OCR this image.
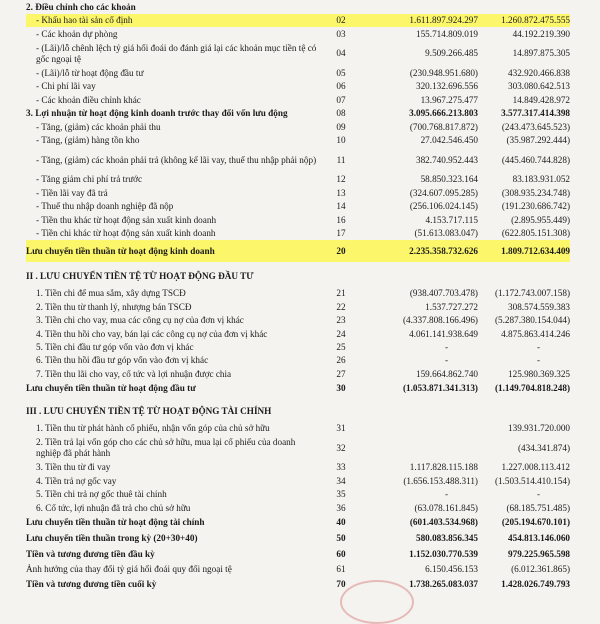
2. Điều chỉnh cho các khoản			
- Khấu hao tài sản cố định	02	1.611.897.924.297	1.260.872.475.555
- Các khoản dự phòng	03	155.714.809.019	44.192.219.390
- (Lãi)/lỗ chênh lệch tỷ giá hối đoái do đánh giá lại các khoản mục tiền tệ có gốc ngoại tệ	04	9.509.266.485	14.897.875.305
- (Lãi)/lỗ từ hoạt động đầu tư	05	(230.948.951.680)	432.920.466.838
- Chi phí lãi vay	06	320.132.696.556	303.080.642.513
- Các khoản điều chỉnh khác	07	13.967.275.477	14.849.428.972
3. Lợi nhuận từ hoạt động kinh doanh trước thay đổi vốn lưu động	08	3.095.666.213.803	3.577.317.414.398
- Tăng, (giảm) các khoản phải thu	09	(700.768.817.872)	(243.473.645.523)
- Tăng, (giảm) hàng tồn kho	10	27.042.546.450	(35.987.292.444)
- Tăng, (giảm) các khoản phải trả (không kể lãi vay, thuế thu nhập phải nộp)	11	382.740.952.443	(445.460.744.828)
- Tăng giảm chi phí trả trước	12	58.850.323.164	83.183.931.052
- Tiền lãi vay đã trả	13	(324.607.095.285)	(308.935.234.748)
- Thuế thu nhập doanh nghiệp đã nộp	14	(256.106.024.145)	(191.230.686.742)
- Tiền thu khác từ hoạt động sản xuất kinh doanh	16	4.153.717.115	(2.895.955.449)
- Tiền chi khác từ hoạt động sản xuất kinh doanh	17	(51.613.083.047)	(622.805.151.308)
Lưu chuyển tiền thuần từ hoạt động kinh doanh	20	2.235.358.732.626	1.809.712.634.409
II . LƯU CHUYỂN TIỀN TỆ TỪ HOẠT ĐỘNG ĐẦU TƯ			
1. Tiền chi để mua sắm, xây dựng TSCĐ	21	(938.407.703.478)	(1.172.743.007.158)
2. Tiền thu từ thanh lý, nhượng bán TSCĐ	22	1.537.727.272	308.574.559.383
3. Tiền chi cho vay, mua các công cụ nợ của đơn vị khác	23	(4.337.808.166.496)	(5.287.380.154.044)
4. Tiền thu hồi cho vay, bán lại các công cụ nợ của đơn vị khác	24	4.061.141.938.649	4.875.863.414.246
5. Tiền chi đầu tư góp vốn vào đơn vị khác	25	-	-
6. Tiền thu hồi đầu tư góp vốn vào đơn vị khác	26	-	-
7. Tiền thu lãi cho vay, cổ tức và lợi nhuận được chia	27	159.664.862.740	125.980.369.325
Lưu chuyển tiền thuần từ hoạt động đầu tư	30	(1.053.871.341.313)	(1.149.704.818.248)
III . LƯU CHUYỂN TIỀN TỆ TỪ HOẠT ĐỘNG TÀI CHÍNH			
1. Tiền thu từ phát hành cổ phiếu, nhận vốn góp của chủ sở hữu	31		139.931.720.000
2. Tiền trả lại vốn góp cho các chủ sở hữu, mua lại cổ phiếu của doanh nghiệp đã phát hành	32		(434.341.874)
3. Tiền thu từ đi vay	33	1.117.828.115.188	1.227.008.113.412
4. Tiền trả nợ gốc vay	34	(1.656.153.488.311)	(1.503.514.410.154)
5. Tiền chi trả nợ gốc thuê tài chính	35	-	-
6. Cổ tức, lợi nhuận đã trả cho chủ sở hữu	36	(63.078.161.845)	(68.185.751.485)
Lưu chuyển tiền thuần từ hoạt động tài chính	40	(601.403.534.968)	(205.194.670.101)
Lưu chuyển tiền thuần trong kỳ (20+30+40)	50	580.083.856.345	454.813.146.060
Tiền và tương đương tiền đầu kỳ	60	1.152.030.770.539	979.225.965.598
Ảnh hưởng của thay đổi tỷ giá hối đoái quy đổi ngoại tệ	61	6.150.456.153	(6.012.361.865)
Tiền và tương đương tiền cuối kỳ	70	1.738.265.083.037	1.428.026.749.793
